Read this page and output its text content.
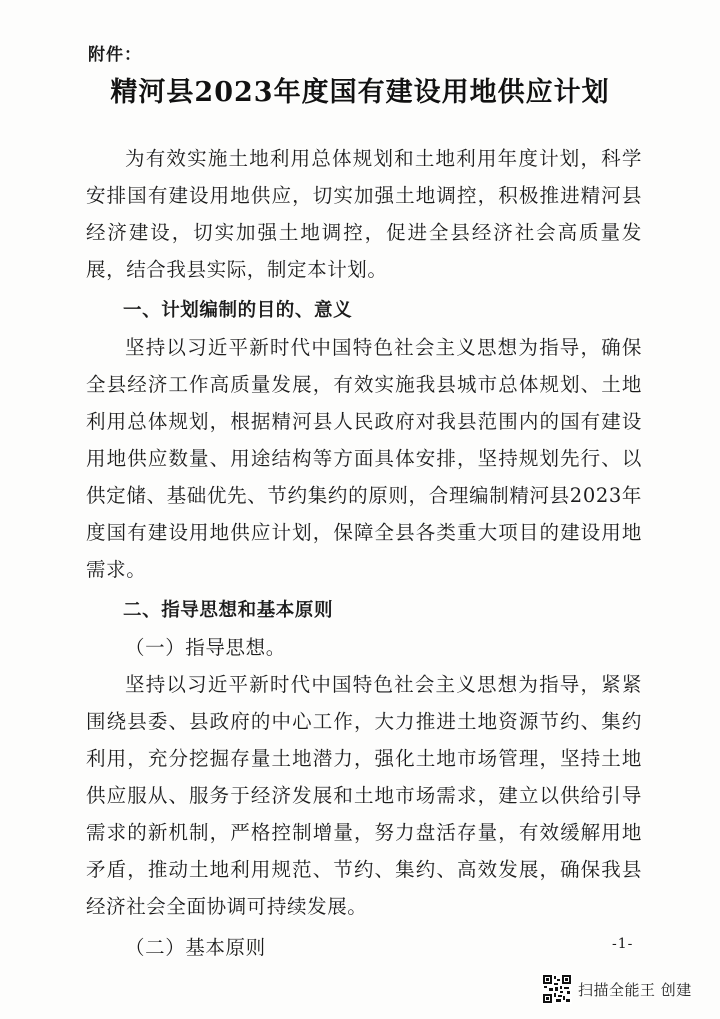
附件：
精河县2023年度国有建设用地供应计划

为有效实施土地利用总体规划和土地利用年度计划，科学安排国有建设用地供应，切实加强土地调控，积极推进精河县经济建设，切实加强土地调控，促进全县经济社会高质量发展，结合我县实际，制定本计划。

一、计划编制的目的、意义

坚持以习近平新时代中国特色社会主义思想为指导，确保全县经济工作高质量发展，有效实施我县城市总体规划、土地利用总体规划，根据精河县人民政府对我县范围内的国有建设用地供应数量、用途结构等方面具体安排，坚持规划先行、以供定储、基础优先、节约集约的原则，合理编制精河县2023年度国有建设用地供应计划，保障全县各类重大项目的建设用地需求。

二、指导思想和基本原则

（一）指导思想。

坚持以习近平新时代中国特色社会主义思想为指导，紧紧围绕县委、县政府的中心工作，大力推进土地资源节约、集约利用，充分挖掘存量土地潜力，强化土地市场管理，坚持土地供应服从、服务于经济发展和土地市场需求，建立以供给引导需求的新机制，严格控制增量，努力盘活存量，有效缓解用地矛盾，推动土地利用规范、节约、集约、高效发展，确保我县经济社会全面协调可持续发展。

（二）基本原则	-1-
扫描全能王 创建
